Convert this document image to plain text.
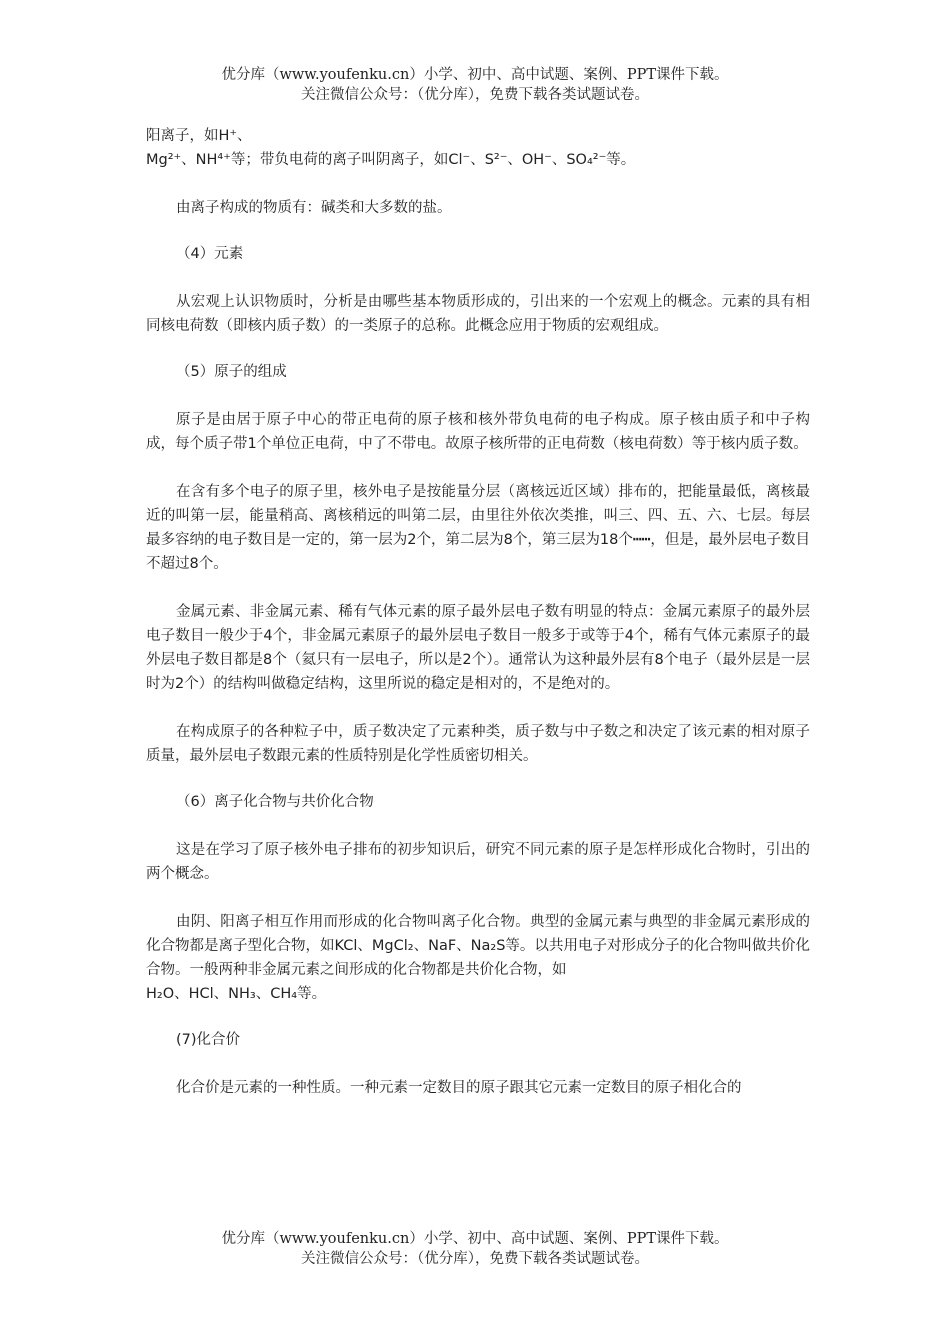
优分库（www.youfenku.cn）小学、初中、高中试题、案例、PPT课件下载。
关注微信公众号：（优分库），免费下载各类试题试卷。

阳离子，如H⁺、

Mg²⁺、NH⁴⁺等；带负电荷的离子叫阴离子，如Cl⁻、S²⁻、OH⁻、SO₄²⁻等。

由离子构成的物质有：碱类和大多数的盐。

（4）元素

从宏观上认识物质时，分析是由哪些基本物质形成的，引出来的一个宏观上的概念。元素的具有相同核电荷数（即核内质子数）的一类原子的总称。此概念应用于物质的宏观组成。

（5）原子的组成

原子是由居于原子中心的带正电荷的原子核和核外带负电荷的电子构成。原子核由质子和中子构成，每个质子带1个单位正电荷，中了不带电。故原子核所带的正电荷数（核电荷数）等于核内质子数。

在含有多个电子的原子里，核外电子是按能量分层（离核远近区域）排布的，把能量最低，离核最近的叫第一层，能量稍高、离核稍远的叫第二层，由里往外依次类推，叫三、四、五、六、七层。每层最多容纳的电子数目是一定的，第一层为2个，第二层为8个，第三层为18个┅┅，但是，最外层电子数目不超过8个。

金属元素、非金属元素、稀有气体元素的原子最外层电子数有明显的特点：金属元素原子的最外层电子数目一般少于4个，非金属元素原子的最外层电子数目一般多于或等于4个，稀有气体元素原子的最外层电子数目都是8个（氦只有一层电子，所以是2个）。通常认为这种最外层有8个电子（最外层是一层时为2个）的结构叫做稳定结构，这里所说的稳定是相对的，不是绝对的。

在构成原子的各种粒子中，质子数决定了元素种类，质子数与中子数之和决定了该元素的相对原子质量，最外层电子数跟元素的性质特别是化学性质密切相关。

（6）离子化合物与共价化合物

这是在学习了原子核外电子排布的初步知识后，研究不同元素的原子是怎样形成化合物时，引出的两个概念。

由阴、阳离子相互作用而形成的化合物叫离子化合物。典型的金属元素与典型的非金属元素形成的化合物都是离子型化合物，如KCl、MgCl₂、NaF、Na₂S等。以共用电子对形成分子的化合物叫做共价化合物。一般两种非金属元素之间形成的化合物都是共价化合物，如

H₂O、HCl、NH₃、CH₄等。

(7)化合价

化合价是元素的一种性质。一种元素一定数目的原子跟其它元素一定数目的原子相化合的

优分库（www.youfenku.cn）小学、初中、高中试题、案例、PPT课件下载。
关注微信公众号：（优分库），免费下载各类试题试卷。
